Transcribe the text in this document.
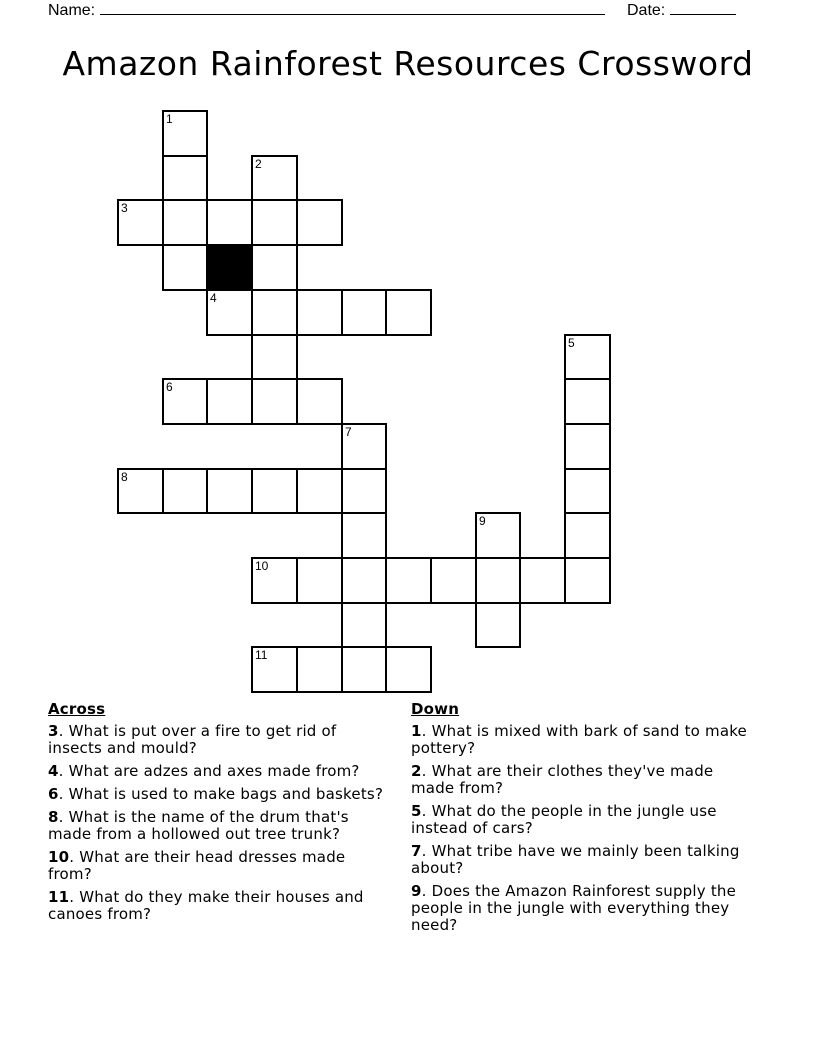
Name:	Date:
Amazon Rainforest Resources Crossword
1
2
3
4
5
6
7
8
9
10
11
Across
3. What is put over a fire to get rid of insects and mould?
4. What are adzes and axes made from?
6. What is used to make bags and baskets?
8. What is the name of the drum that's made from a hollowed out tree trunk?
10. What are their head dresses made from?
11. What do they make their houses and canoes from?
Down
1. What is mixed with bark of sand to make pottery?
2. What are their clothes they've made made from?
5. What do the people in the jungle use instead of cars?
7. What tribe have we mainly been talking about?
9. Does the Amazon Rainforest supply the people in the jungle with everything they need?
